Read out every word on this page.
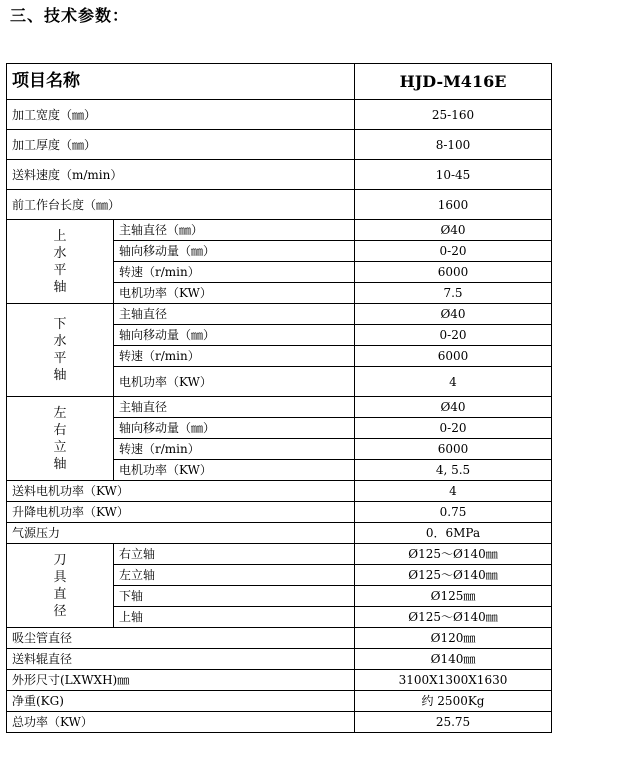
三、技术参数：
项目名称		HJD-M416E
加工宽度（㎜）		25-160
加工厚度（㎜）		8-100
送料速度（m/min）		10-45
前工作台长度（㎜）		1600
上水平轴	主轴直径（㎜）	Ø40
	轴向移动量（㎜）	0-20
	转速（r/min）	6000
	电机功率（KW）	7.5
下水平轴	主轴直径	Ø40
	轴向移动量（㎜）	0-20
	转速（r/min）	6000
	电机功率（KW）	4
左右立轴	主轴直径	Ø40
	轴向移动量（㎜）	0-20
	转速（r/min）	6000
	电机功率（KW）	4, 5.5
送料电机功率（KW）		4
升降电机功率（KW）		0.75
气源压力		0．6MPa
刀具直径	右立轴	Ø125～Ø140㎜
	左立轴	Ø125～Ø140㎜
	下轴	Ø125㎜
	上轴	Ø125～Ø140㎜
吸尘管直径		Ø120㎜
送料辊直径		Ø140㎜
外形尺寸(LXWXH)㎜		3100X1300X1630
净重(KG)		约 2500Kg
总功率（KW）		25.75
